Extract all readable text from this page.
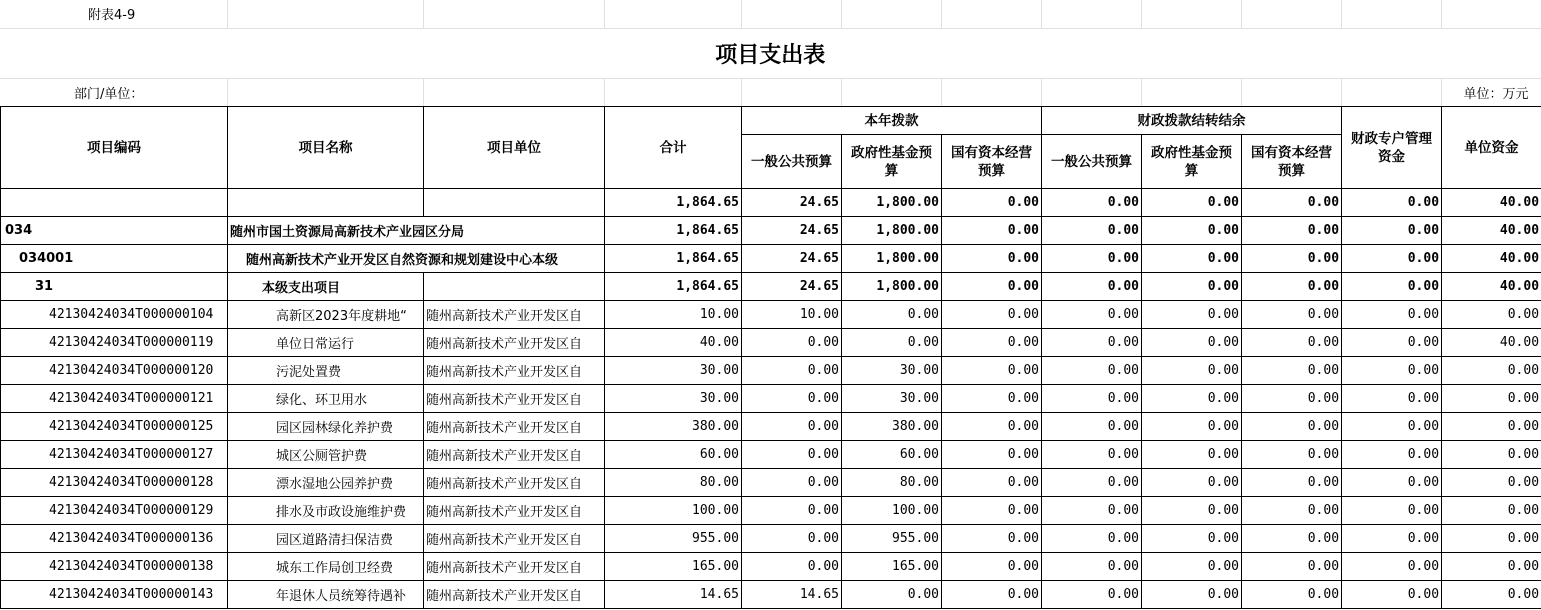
附表4-9											
项目支出表											
部门/单位：											单位：万元
项目编码	项目名称	项目单位	合计	本年拨款			财政拨款结转结余			财政专户管理资金	单位资金
				一般公共预算	政府性基金预算	国有资本经营预算	一般公共预算	政府性基金预算	国有资本经营预算		
			1,864.65	24.65	1,800.00	0.00	0.00	0.00	0.00	0.00	40.00
034	随州市国土资源局高新技术产业园区分局		1,864.65	24.65	1,800.00	0.00	0.00	0.00	0.00	0.00	40.00
034001	随州高新技术产业开发区自然资源和规划建设中心本级		1,864.65	24.65	1,800.00	0.00	0.00	0.00	0.00	0.00	40.00
31	本级支出项目		1,864.65	24.65	1,800.00	0.00	0.00	0.00	0.00	0.00	40.00
42130424034T000000104	高新区2023年度耕地“	随州高新技术产业开发区自	10.00	10.00	0.00	0.00	0.00	0.00	0.00	0.00	0.00
42130424034T000000119	单位日常运行	随州高新技术产业开发区自	40.00	0.00	0.00	0.00	0.00	0.00	0.00	0.00	40.00
42130424034T000000120	污泥处置费	随州高新技术产业开发区自	30.00	0.00	30.00	0.00	0.00	0.00	0.00	0.00	0.00
42130424034T000000121	绿化、环卫用水	随州高新技术产业开发区自	30.00	0.00	30.00	0.00	0.00	0.00	0.00	0.00	0.00
42130424034T000000125	园区园林绿化养护费	随州高新技术产业开发区自	380.00	0.00	380.00	0.00	0.00	0.00	0.00	0.00	0.00
42130424034T000000127	城区公厕管护费	随州高新技术产业开发区自	60.00	0.00	60.00	0.00	0.00	0.00	0.00	0.00	0.00
42130424034T000000128	漂水湿地公园养护费	随州高新技术产业开发区自	80.00	0.00	80.00	0.00	0.00	0.00	0.00	0.00	0.00
42130424034T000000129	排水及市政设施维护费	随州高新技术产业开发区自	100.00	0.00	100.00	0.00	0.00	0.00	0.00	0.00	0.00
42130424034T000000136	园区道路清扫保洁费	随州高新技术产业开发区自	955.00	0.00	955.00	0.00	0.00	0.00	0.00	0.00	0.00
42130424034T000000138	城东工作局创卫经费	随州高新技术产业开发区自	165.00	0.00	165.00	0.00	0.00	0.00	0.00	0.00	0.00
42130424034T000000143	年退休人员统筹待遇补	随州高新技术产业开发区自	14.65	14.65	0.00	0.00	0.00	0.00	0.00	0.00	0.00
